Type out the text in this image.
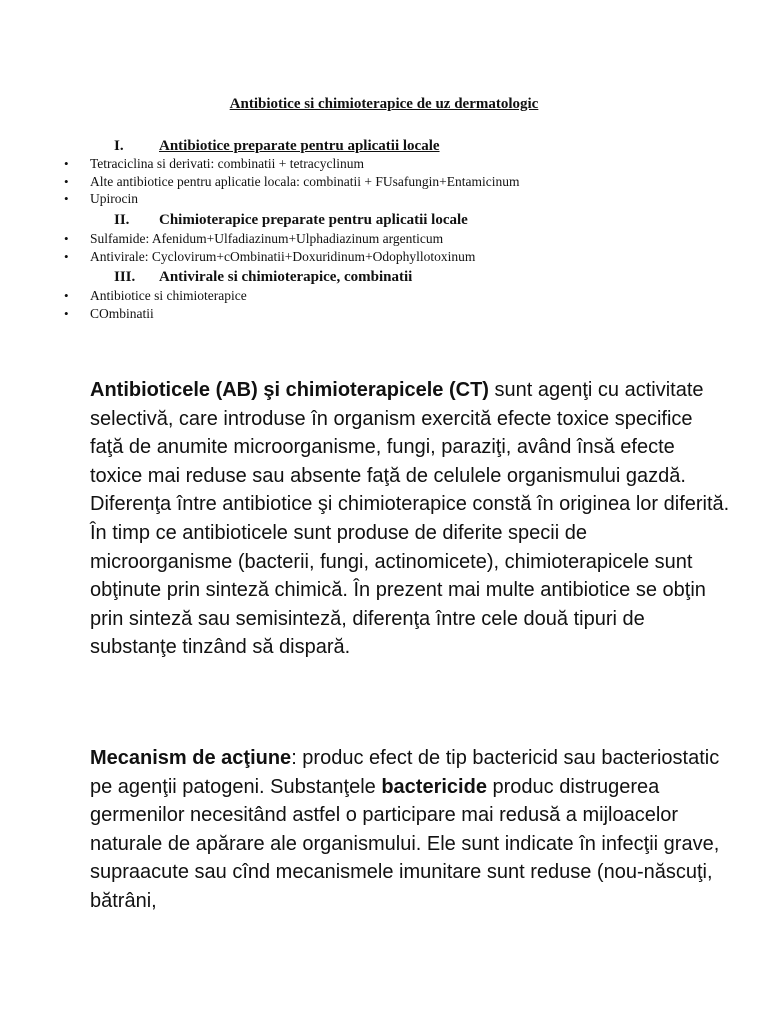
Antibiotice si chimioterapice de uz dermatologic
I. Antibiotice preparate pentru aplicatii locale
• Tetraciclina si derivati: combinatii + tetracyclinum
• Alte antibiotice pentru aplicatie locala: combinatii + FUsafungin+Entamicinum
• Upirocin
II. Chimioterapice preparate pentru aplicatii locale
• Sulfamide: Afenidum+Ulfadiazinum+Ulphadiazinum argenticum
• Antivirale: Cyclovirum+cOmbinatii+Doxuridinum+Odophyllotoxinum
III. Antivirale si chimioterapice, combinatii
• Antibiotice si chimioterapice
• COmbinatii

Antibioticele (AB) şi chimioterapicele (CT) sunt agenţi cu activitate selectivă, care introduse în organism exercită efecte toxice specifice faţă de anumite microorganisme, fungi, paraziţi, având însă efecte toxice mai reduse sau absente faţă de celulele organismului gazdă. Diferenţa între antibiotice şi chimioterapice constă în originea lor diferită. În timp ce antibioticele sunt produse de diferite specii de microorganisme (bacterii, fungi, actinomicete), chimioterapicele sunt obţinute prin sinteză chimică. În prezent mai multe antibiotice se obţin prin sinteză sau semisinteză, diferenţa între cele două tipuri de substanţe tinzând să dispară.

Mecanism de acţiune: produc efect de tip bactericid sau bacteriostatic pe agenţii patogeni. Substanţele bactericide produc distrugerea germenilor necesitând astfel o participare mai redusă a mijloacelor naturale de apărare ale organismului. Ele sunt indicate în infecţii grave, supraacute sau cînd mecanismele imunitare sunt reduse (nou-născuţi, bătrâni,
